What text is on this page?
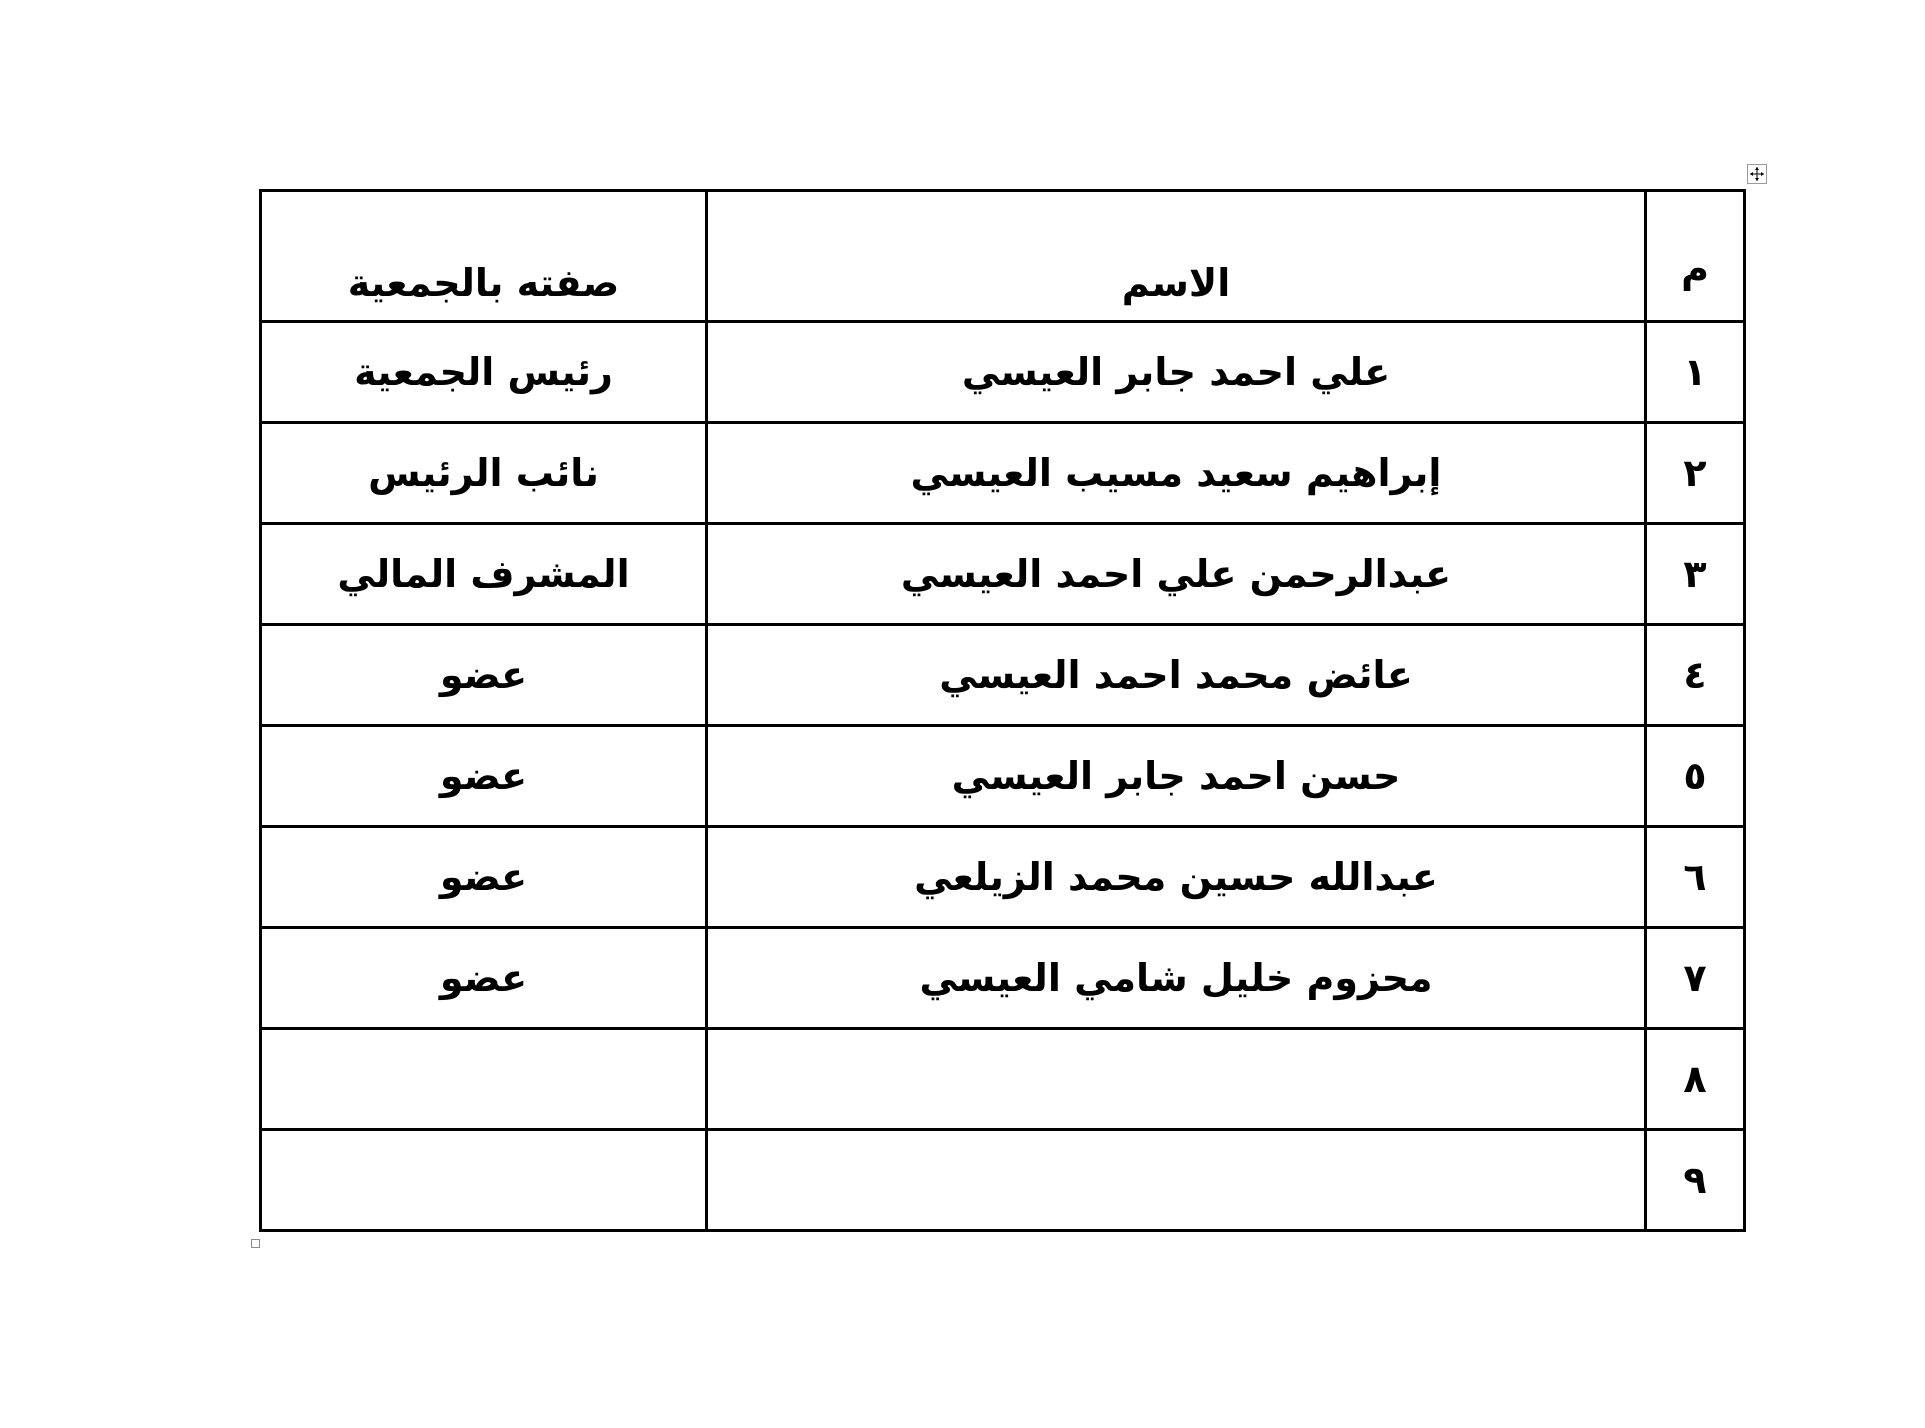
م	الاسم	صفته بالجمعية
١	علي احمد جابر العيسي	رئيس الجمعية
٢	إبراهيم سعيد مسيب العيسي	نائب الرئيس
٣	عبدالرحمن علي احمد العيسي	المشرف المالي
٤	عائض محمد احمد العيسي	عضو
٥	حسن احمد جابر العيسي	عضو
٦	عبدالله حسين محمد الزيلعي	عضو
٧	محزوم خليل شامي العيسي	عضو
٨		
٩		
